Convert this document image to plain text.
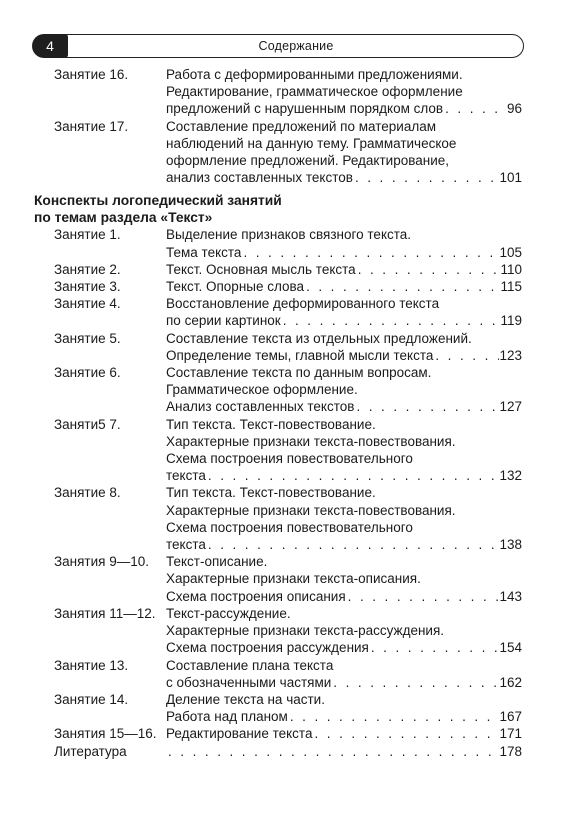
4	Содержание
Занятие 16.	Работа с деформированными предложениями.
Редактирование, грамматическое оформление
предложений с нарушенным порядком слов . . .	96
Занятие 17.	Составление предложений по материалам
наблюдений на данную тему. Грамматическое
оформление предложений. Редактирование,
анализ составленных текстов . . .	101
Конспекты логопедический занятий
по темам раздела «Текст»
Занятие 1.	Выделение признаков связного текста.
Тема текста . . .	105
Занятие 2.	Текст. Основная мысль текста . . .	110
Занятие 3.	Текст. Опорные слова . . .	115
Занятие 4.	Восстановление деформированного текста
по серии картинок . . .	119
Занятие 5.	Составление текста из отдельных предложений.
Определение темы, главной мысли текста . . .	123
Занятие 6.	Составление текста по данным вопросам.
Грамматическое оформление.
Анализ составленных текстов . . .	127
Заняти5 7.	Тип текста. Текст-повествование.
Характерные признаки текста-повествования.
Схема построения повествовательного
текста . . .	132
Занятие 8.	Тип текста. Текст-повествование.
Характерные признаки текста-повествования.
Схема построения повествовательного
текста . . .	138
Занятия 9—10.	Текст-описание.
Характерные признаки текста-описания.
Схема построения описания . . .	143
Занятия 11—12. Текст-рассуждение.
Характерные признаки текста-рассуждения.
Схема построения рассуждения . . .	154
Занятие 13.	Составление плана текста
с обозначенными частями . . .	162
Занятие 14.	Деление текста на части.
Работа над планом . . .	167
Занятия 15—16. Редактирование текста . . .	171
Литература . . .	178
